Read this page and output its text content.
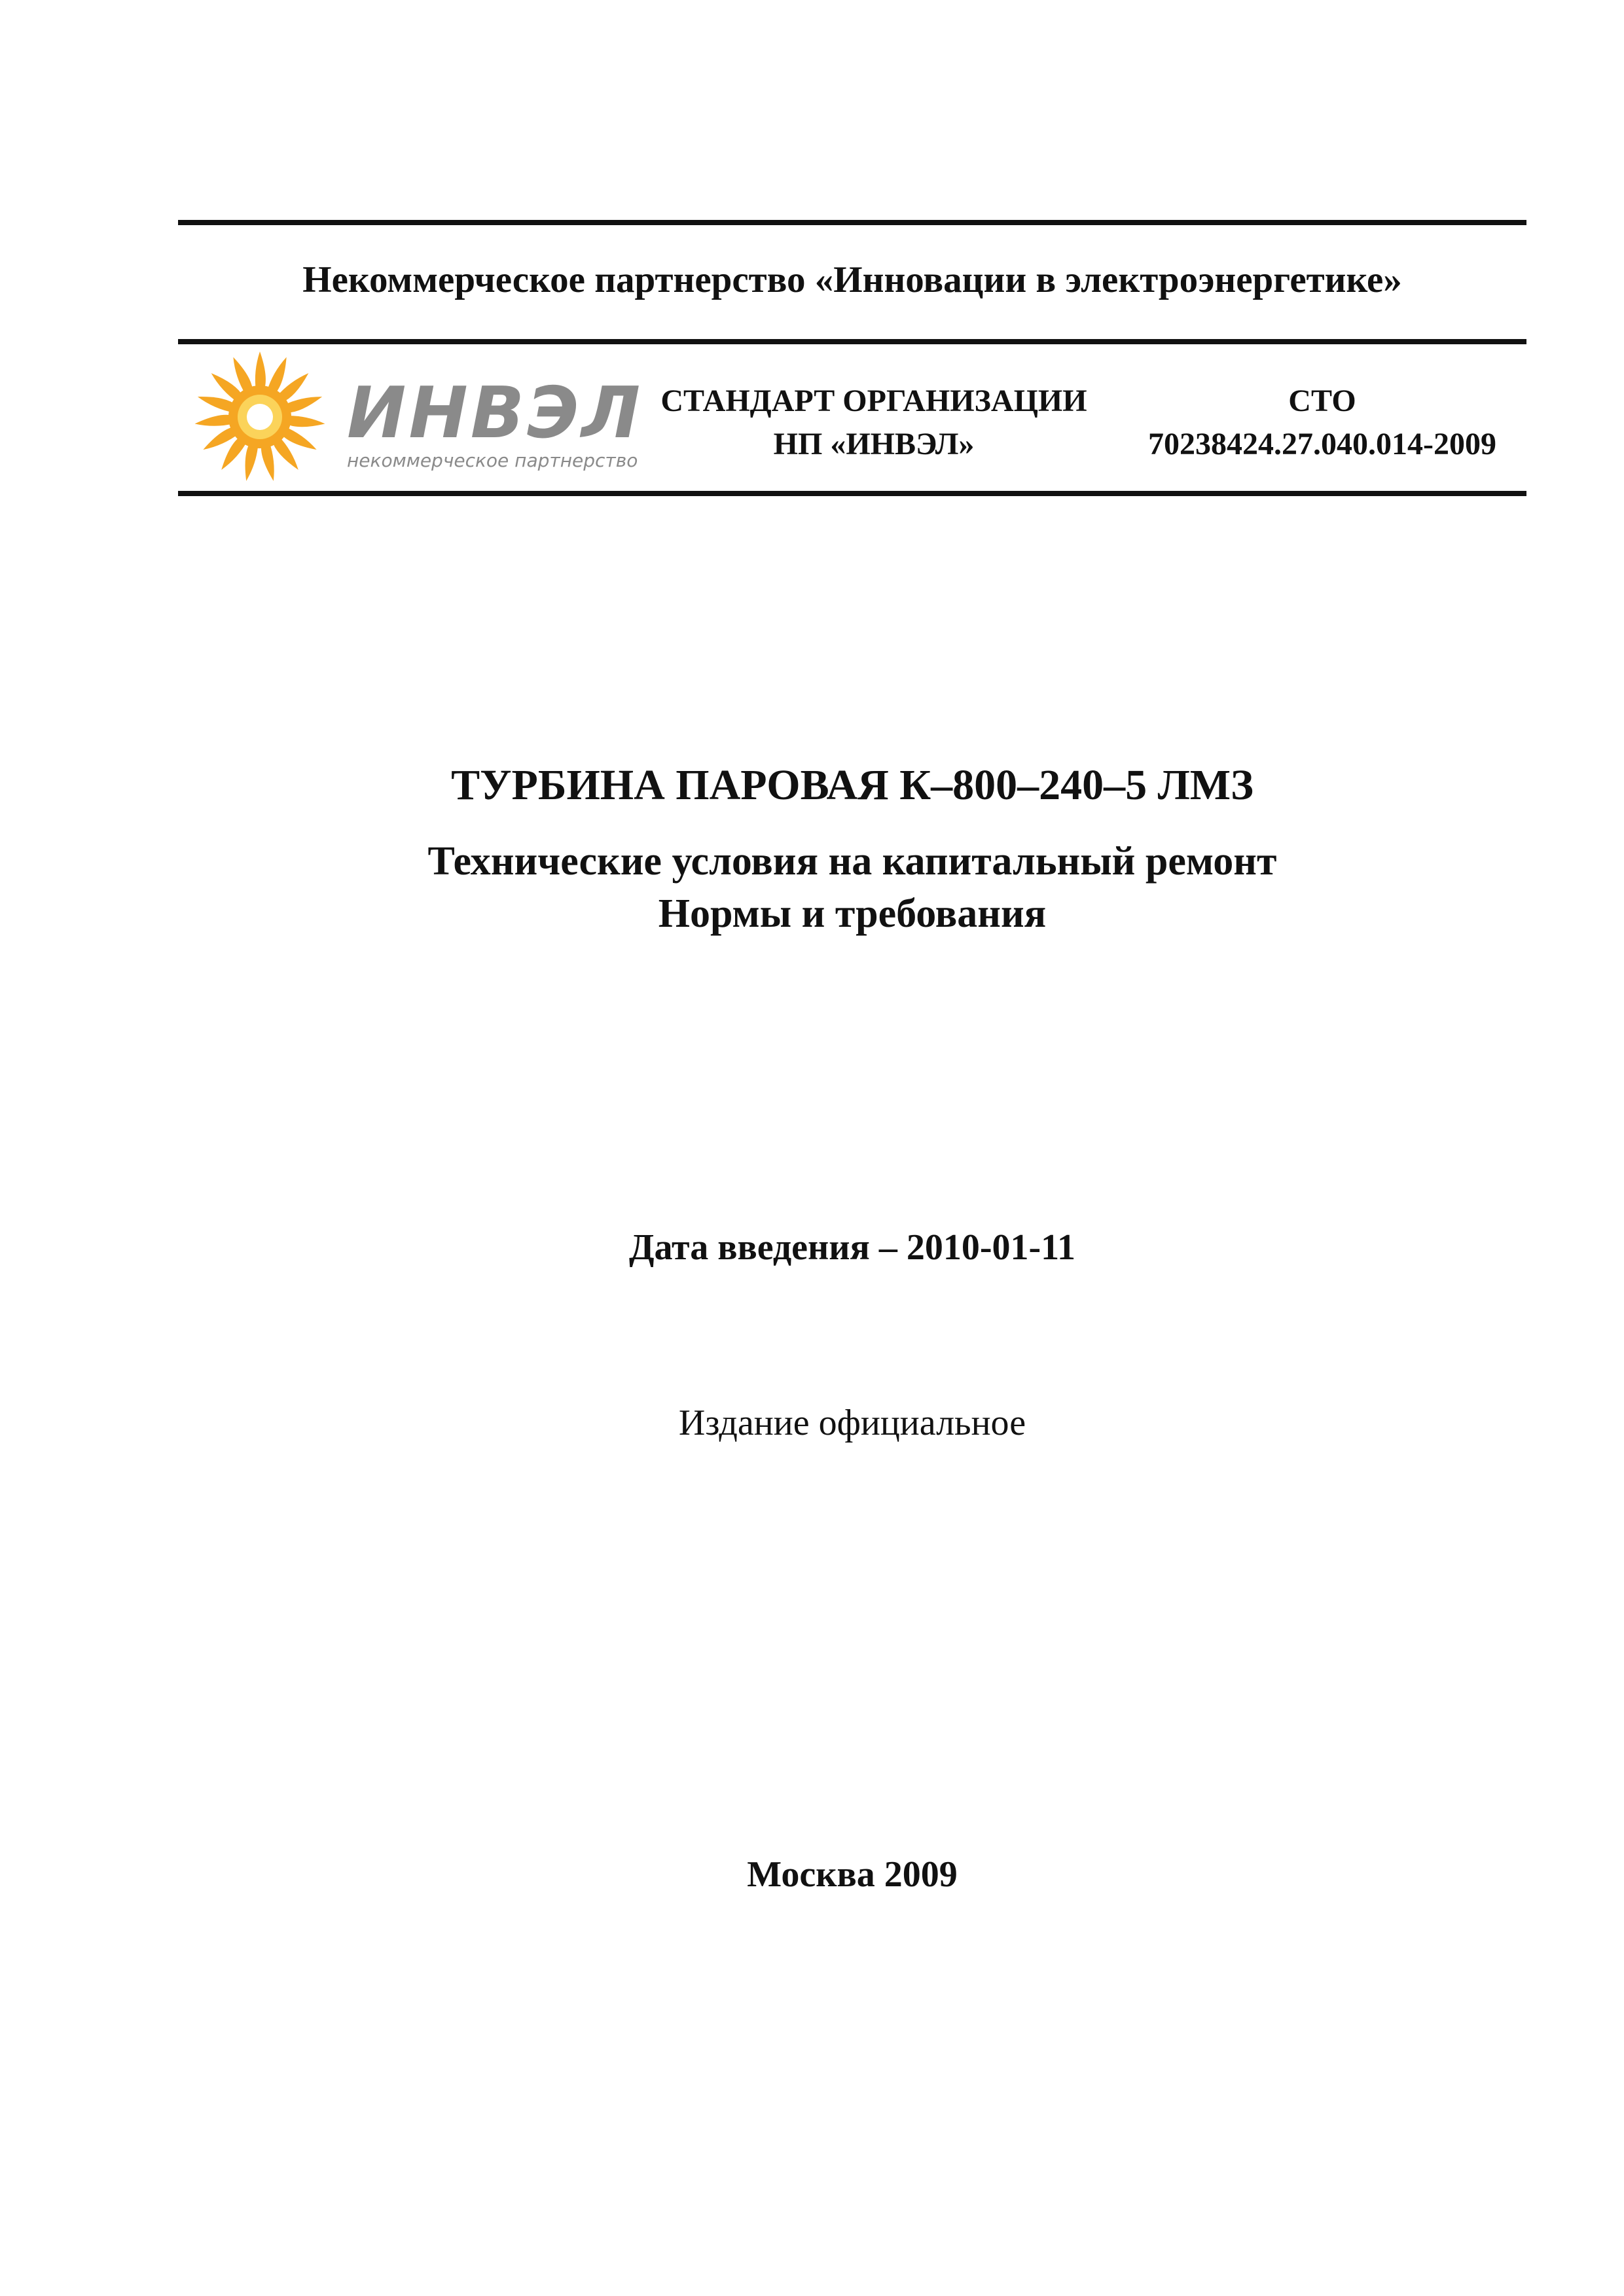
Некоммерческое партнерство «Инновации в электроэнергетике»
ИНВЭЛ
некоммерческое партнерство
СТАНДАРТ ОРГАНИЗАЦИИ
НП «ИНВЭЛ»
СТО
70238424.27.040.014-2009
ТУРБИНА ПАРОВАЯ К–800–240–5 ЛМЗ
Технические условия на капитальный ремонт
Нормы и требования
Дата введения – 2010-01-11
Издание официальное
Москва 2009
